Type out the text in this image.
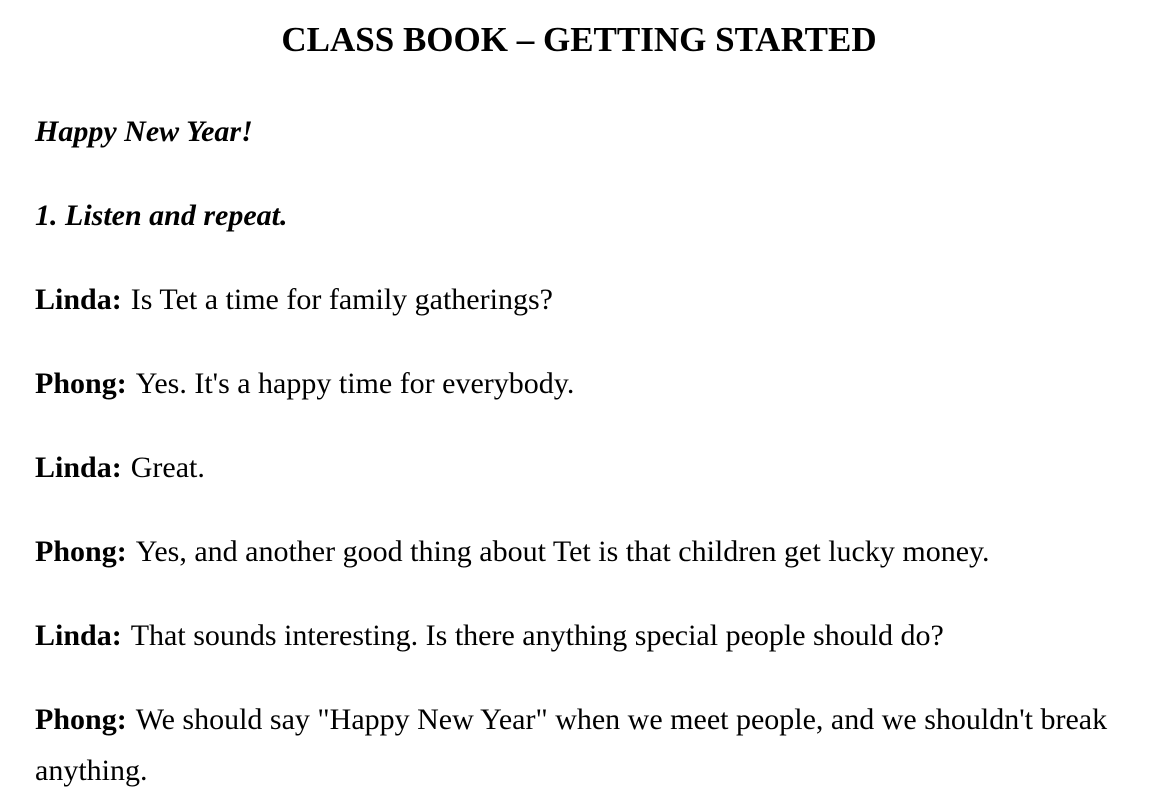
CLASS BOOK – GETTING STARTED

Happy New Year!

1. Listen and repeat.

Linda: Is Tet a time for family gatherings?

Phong: Yes. It's a happy time for everybody.

Linda: Great.

Phong: Yes, and another good thing about Tet is that children get lucky money.

Linda: That sounds interesting. Is there anything special people should do?

Phong: We should say "Happy New Year" when we meet people, and we shouldn't break anything.
